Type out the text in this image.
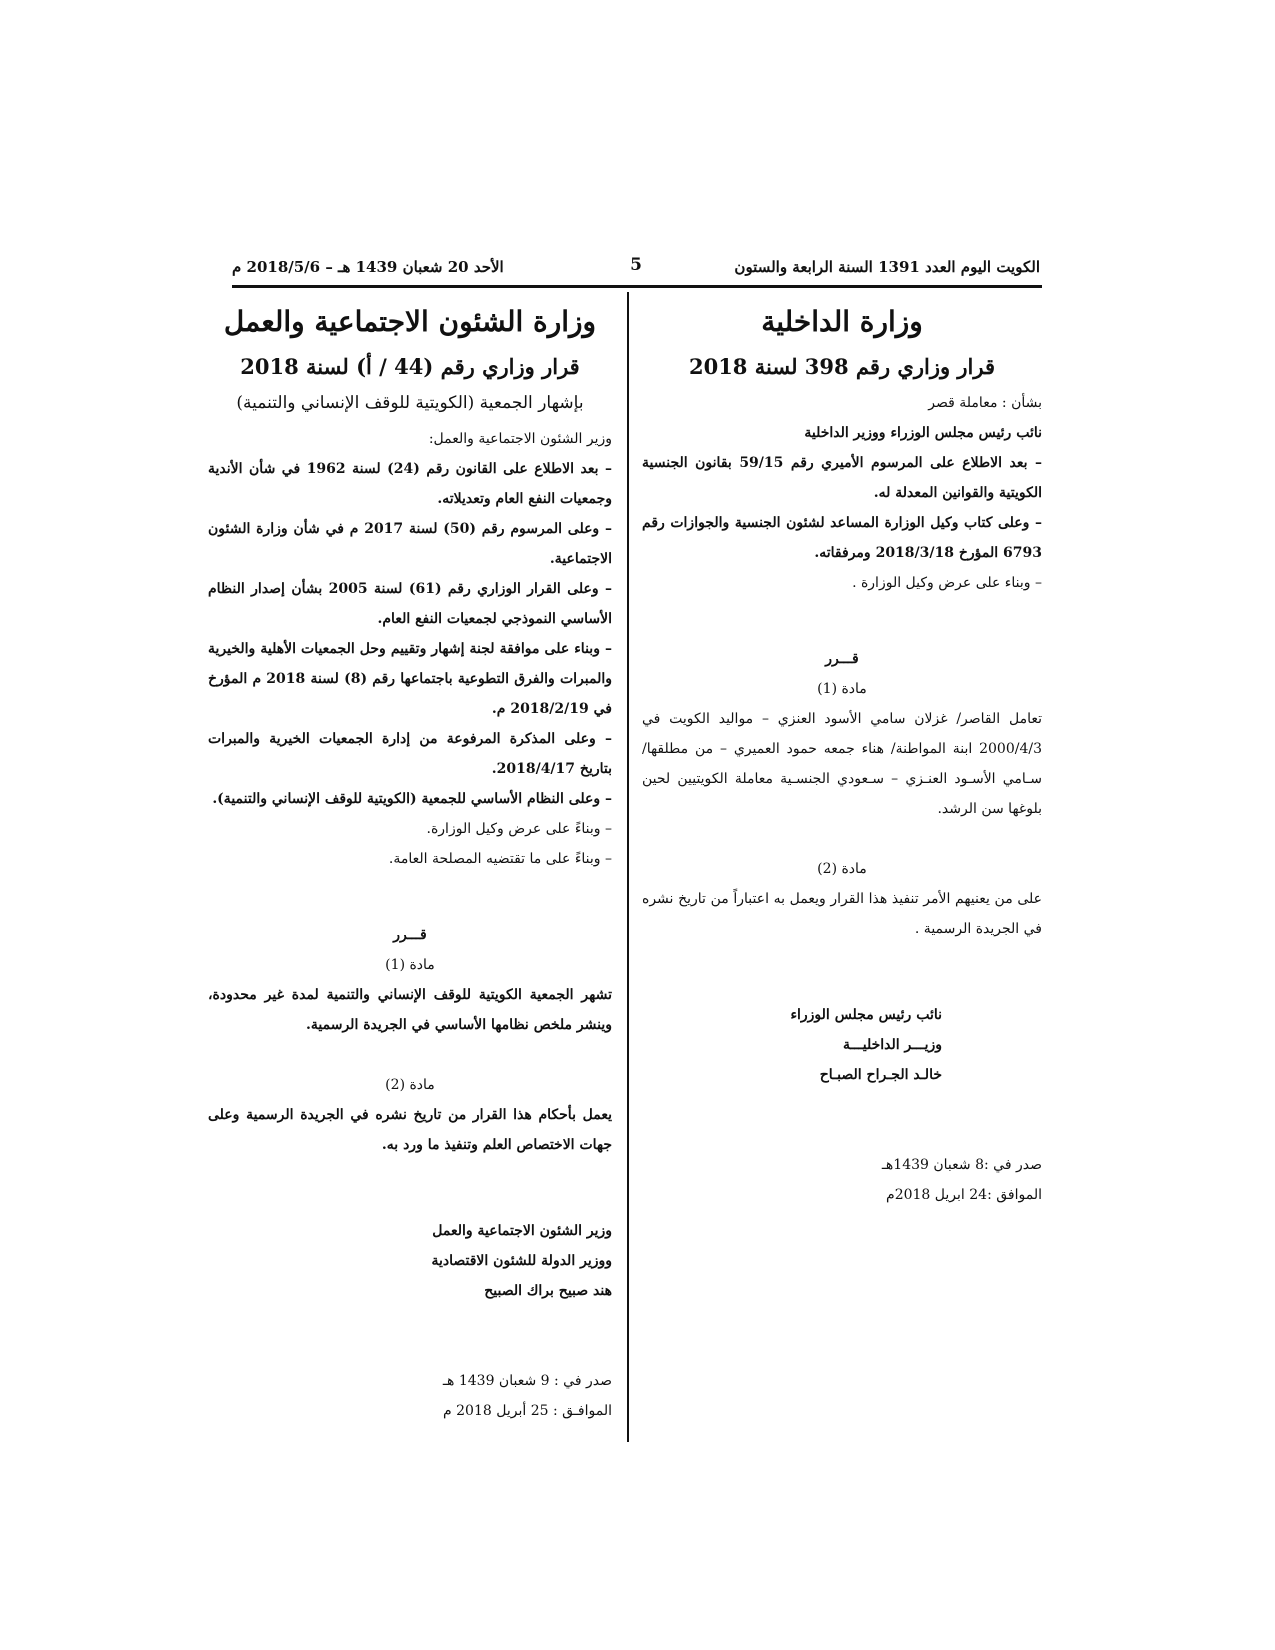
الكويت اليوم العدد 1391 السنة الرابعة والستون
5
الأحد 20 شعبان 1439 هـ – 2018/5/6 م
وزارة الداخلية
قرار وزاري رقم 398 لسنة 2018

بشأن : معاملة قصر

نائب رئيس مجلس الوزراء ووزير الداخلية

– بعد الاطلاع على المرسوم الأميري رقم 59/15 بقانون الجنسية الكويتية والقوانين المعدلة له.

– وعلى كتاب وكيل الوزارة المساعد لشئون الجنسية والجوازات رقم 6793 المؤرخ 2018/3/18 ومرفقاته.

– وبناء على عرض وكيل الوزارة .

قـــرر

مادة (1)

تعامل القاصر/ غزلان سامي الأسود العنزي – مواليد الكويت في 2000/4/3 ابنة المواطنة/ هناء جمعه حمود العميري – من مطلقها/ سـامي الأسـود العنـزي – سـعودي الجنسـية معاملة الكويتيين لحين بلوغها سن الرشد.

مادة (2)

على من يعنيهم الأمر تنفيذ هذا القرار ويعمل به اعتباراً من تاريخ نشره في الجريدة الرسمية .

نائب رئيس مجلس الوزراء

وزيـــر الداخليـــة

خالـد الجـراح الصبـاح

صدر في :8 شعبان 1439هـ

الموافق :24 ابريل 2018م

وزارة الشئون الاجتماعية والعمل
قرار وزاري رقم (44 / أ) لسنة 2018
بإشهار الجمعية (الكويتية للوقف الإنساني والتنمية)

وزير الشئون الاجتماعية والعمل:

– بعد الاطلاع على القانون رقم (24) لسنة 1962 في شأن الأندية وجمعيات النفع العام وتعديلاته.

– وعلى المرسوم رقم (50) لسنة 2017 م في شأن وزارة الشئون الاجتماعية.

– وعلى القرار الوزاري رقم (61) لسنة 2005 بشأن إصدار النظام الأساسي النموذجي لجمعيات النفع العام.

– وبناء على موافقة لجنة إشهار وتقييم وحل الجمعيات الأهلية والخيرية والمبرات والفرق التطوعية باجتماعها رقم (8) لسنة 2018 م المؤرخ في 2018/2/19 م.

– وعلى المذكرة المرفوعة من إدارة الجمعيات الخيرية والمبرات بتاريخ 2018/4/17.

– وعلى النظام الأساسي للجمعية (الكويتية للوقف الإنساني والتنمية).

– وبناءً على عرض وكيل الوزارة.

– وبناءً على ما تقتضيه المصلحة العامة.

قـــرر

مادة (1)

تشهر الجمعية الكويتية للوقف الإنساني والتنمية لمدة غير محدودة، وينشر ملخص نظامها الأساسي في الجريدة الرسمية.

مادة (2)

يعمل بأحكام هذا القرار من تاريخ نشره في الجريدة الرسمية وعلى جهات الاختصاص العلم وتنفيذ ما ورد به.

وزير الشئون الاجتماعية والعمل

ووزير الدولة للشئون الاقتصادية

هند صبيح براك الصبيح

صدر في : 9 شعبان 1439 هـ

الموافـق : 25 أبريل 2018 م
